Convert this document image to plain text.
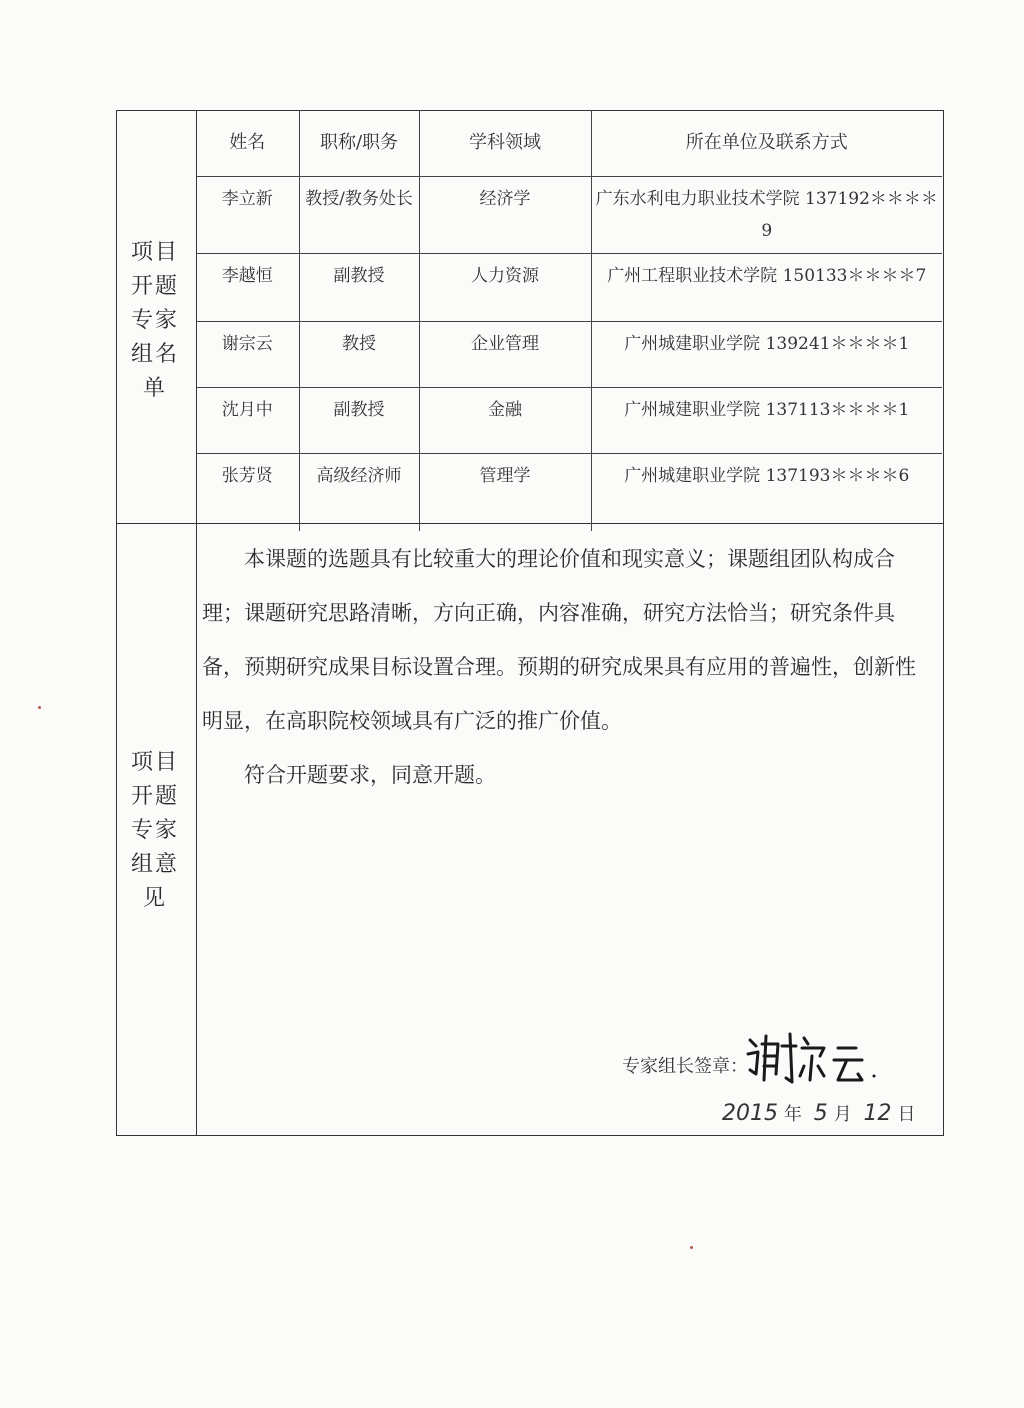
项目
开题
专家
组名
单
姓名	职称/职务	学科领域	所在单位及联系方式
李立新	教授/教务处长	经济学	广东水利电力职业技术学院 137192＊＊＊＊9
李越恒	副教授	人力资源	广州工程职业技术学院 150133＊＊＊＊7
谢宗云	教授	企业管理	广州城建职业学院 139241＊＊＊＊1
沈月中	副教授	金融	广州城建职业学院 137113＊＊＊＊1
张芳贤	高级经济师	管理学	广州城建职业学院 137193＊＊＊＊6
项目
开题
专家
组意
见

本课题的选题具有比较重大的理论价值和现实意义；课题组团队构成合理；课题研究思路清晰，方向正确，内容准确，研究方法恰当；研究条件具备，预期研究成果目标设置合理。预期的研究成果具有应用的普遍性，创新性明显，在高职院校领域具有广泛的推广价值。

符合开题要求，同意开题。

专家组长签章：
2015 年 5 月 12 日
